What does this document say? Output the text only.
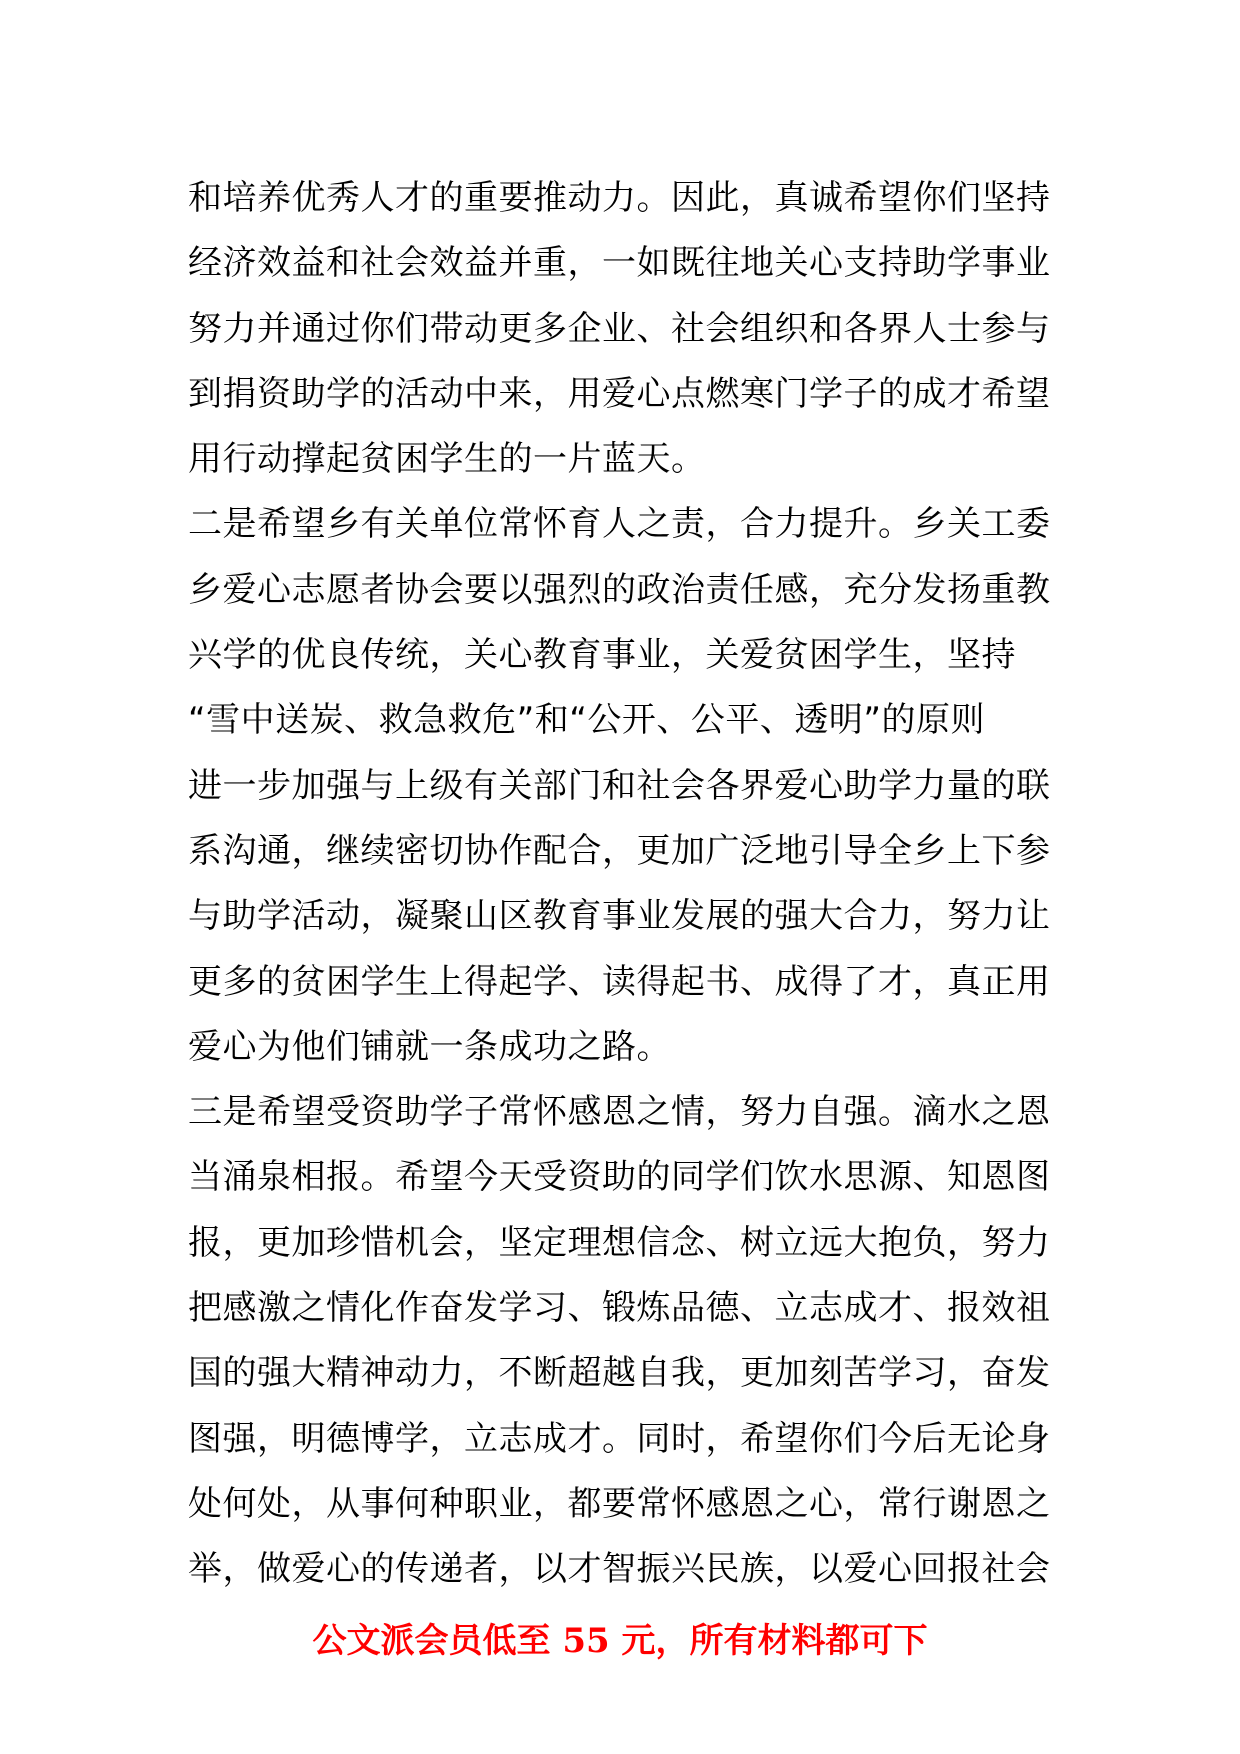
和培养优秀人才的重要推动力。因此，真诚希望你们坚持
经济效益和社会效益并重，一如既往地关心支持助学事业
努力并通过你们带动更多企业、社会组织和各界人士参与
到捐资助学的活动中来，用爱心点燃寒门学子的成才希望
用行动撑起贫困学生的一片蓝天。
二是希望乡有关单位常怀育人之责，合力提升。乡关工委
乡爱心志愿者协会要以强烈的政治责任感，充分发扬重教
兴学的优良传统，关心教育事业，关爱贫困学生，坚持
“雪中送炭、救急救危”和“公开、公平、透明”的原则
进一步加强与上级有关部门和社会各界爱心助学力量的联
系沟通，继续密切协作配合，更加广泛地引导全乡上下参
与助学活动，凝聚山区教育事业发展的强大合力，努力让
更多的贫困学生上得起学、读得起书、成得了才，真正用
爱心为他们铺就一条成功之路。
三是希望受资助学子常怀感恩之情，努力自强。滴水之恩
当涌泉相报。希望今天受资助的同学们饮水思源、知恩图
报，更加珍惜机会，坚定理想信念、树立远大抱负，努力
把感激之情化作奋发学习、锻炼品德、立志成才、报效祖
国的强大精神动力，不断超越自我，更加刻苦学习，奋发
图强，明德博学，立志成才。同时，希望你们今后无论身
处何处，从事何种职业，都要常怀感恩之心，常行谢恩之
举，做爱心的传递者，以才智振兴民族，以爱心回报社会
公文派会员低至 55 元，所有材料都可下
